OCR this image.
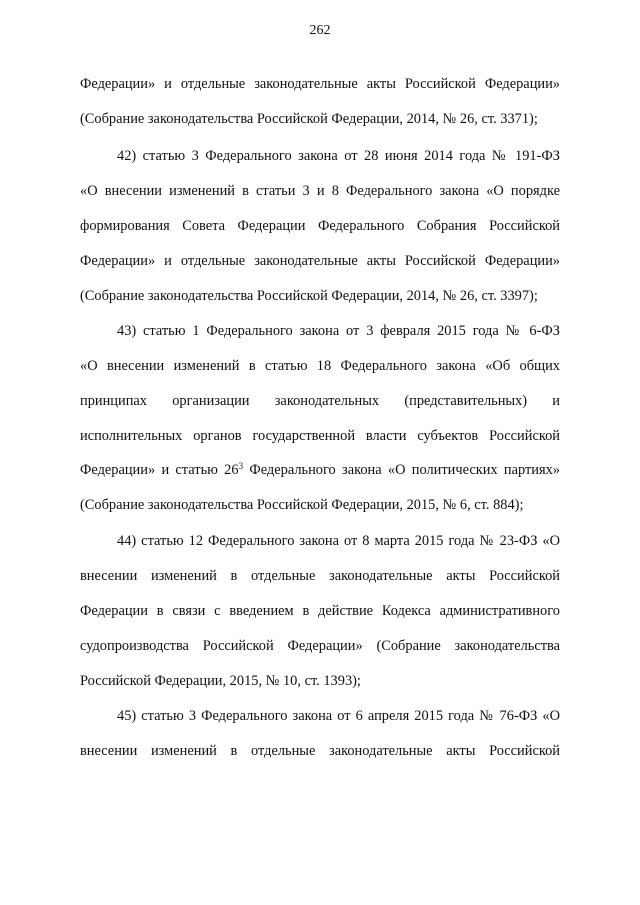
262
Федерации» и отдельные законодательные акты Российской Федерации»
(Собрание законодательства Российской Федерации, 2014, № 26, ст. 3371);
42) статью 3 Федерального закона от 28 июня 2014 года № 191-ФЗ
«О внесении изменений в статьи 3 и 8 Федерального закона «О порядке
формирования Совета Федерации Федерального Собрания Российской
Федерации» и отдельные законодательные акты Российской Федерации»
(Собрание законодательства Российской Федерации, 2014, № 26, ст. 3397);
43) статью 1 Федерального закона от 3 февраля 2015 года № 6-ФЗ
«О внесении изменений в статью 18 Федерального закона «Об общих
принципах организации законодательных (представительных) и
исполнительных органов государственной власти субъектов Российской
Федерации» и статью $26^3$ Федерального закона «О политических партиях»
(Собрание законодательства Российской Федерации, 2015, № 6, ст. 884);
44) статью 12 Федерального закона от 8 марта 2015 года № 23-ФЗ «О
внесении изменений в отдельные законодательные акты Российской
Федерации в связи с введением в действие Кодекса административного
судопроизводства Российской Федерации» (Собрание законодательства
Российской Федерации, 2015, № 10, ст. 1393);
45) статью 3 Федерального закона от 6 апреля 2015 года № 76-ФЗ «О
внесении изменений в отдельные законодательные акты Российской
